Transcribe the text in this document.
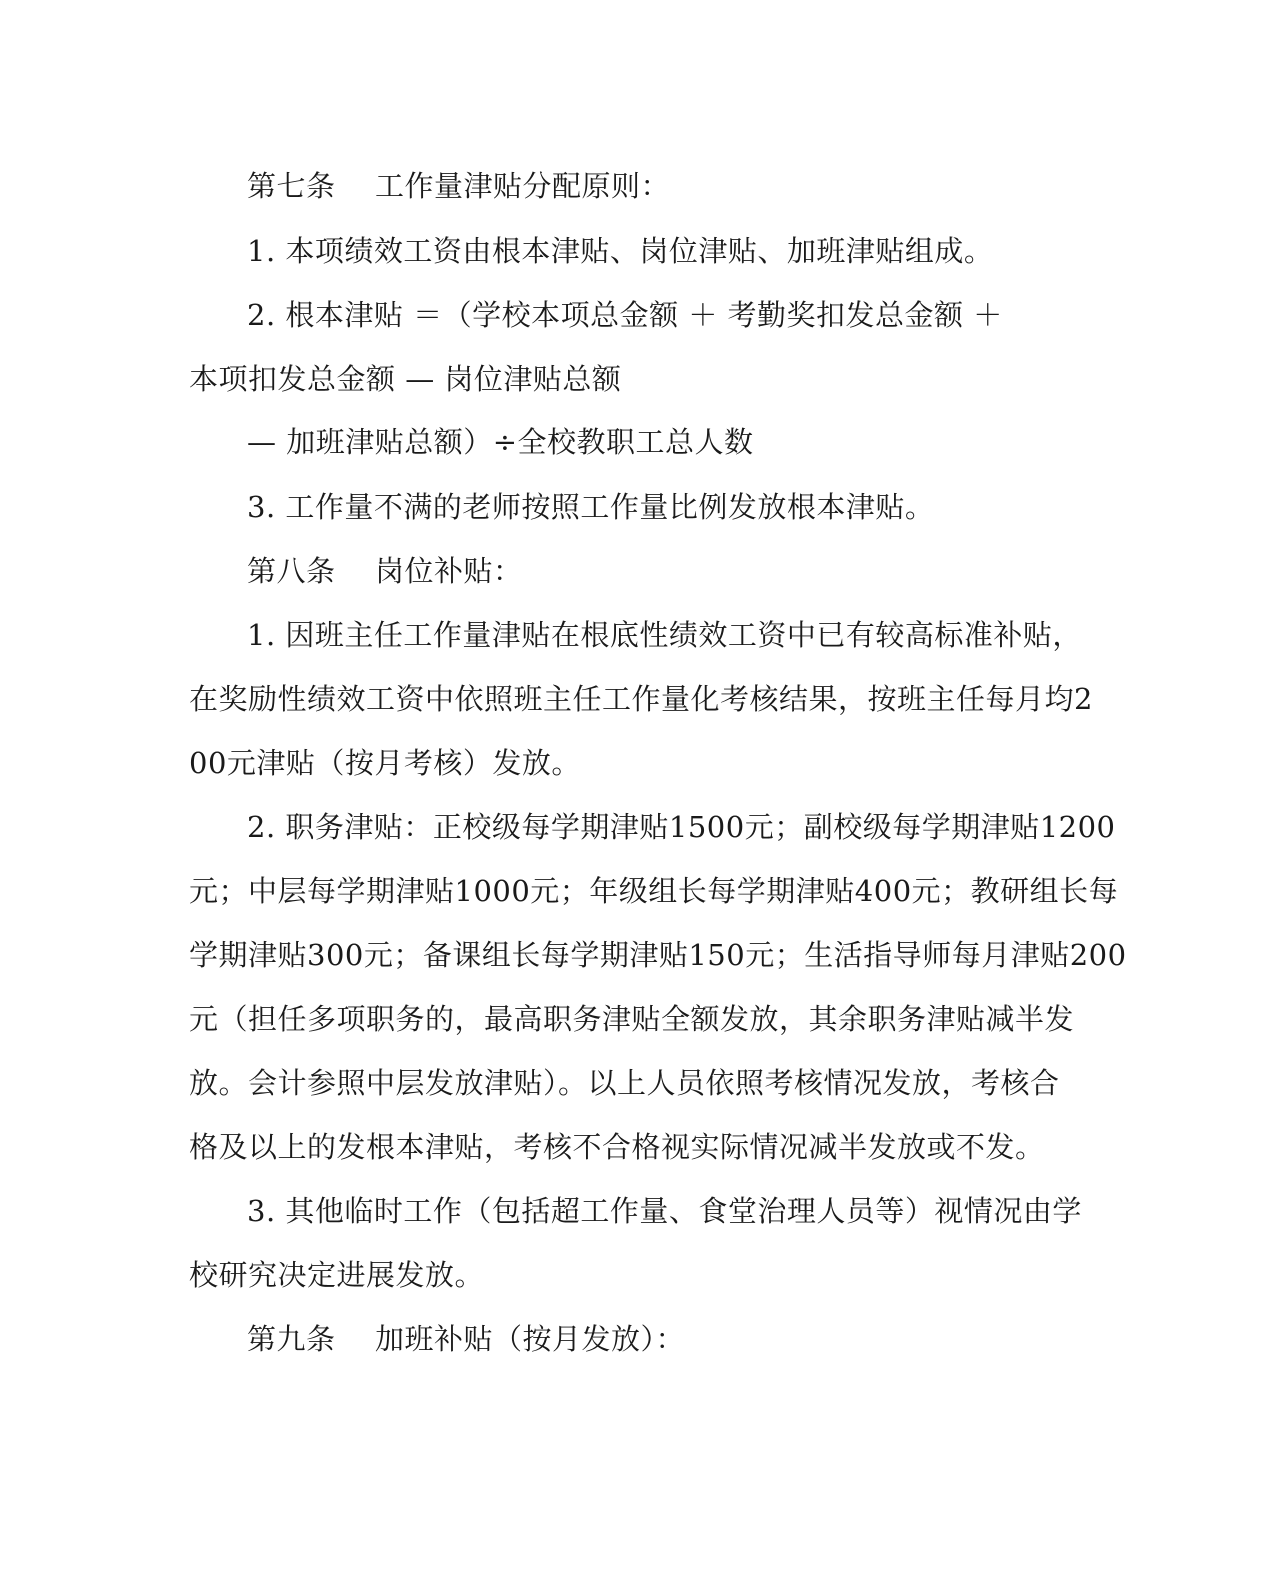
第七条 工作量津贴分配原则：
1. 本项绩效工资由根本津贴、岗位津贴、加班津贴组成。
2. 根本津贴 ＝（学校本项总金额 ＋ 考勤奖扣发总金额 ＋
本项扣发总金额 — 岗位津贴总额
— 加班津贴总额）÷全校教职工总人数
3. 工作量不满的老师按照工作量比例发放根本津贴。
第八条 岗位补贴：
1. 因班主任工作量津贴在根底性绩效工资中已有较高标准补贴，
在奖励性绩效工资中依照班主任工作量化考核结果，按班主任每月均2
00元津贴（按月考核）发放。
2. 职务津贴：正校级每学期津贴1500元；副校级每学期津贴1200
元；中层每学期津贴1000元；年级组长每学期津贴400元；教研组长每
学期津贴300元；备课组长每学期津贴150元；生活指导师每月津贴200
元（担任多项职务的，最高职务津贴全额发放，其余职务津贴减半发
放。会计参照中层发放津贴）。以上人员依照考核情况发放，考核合
格及以上的发根本津贴，考核不合格视实际情况减半发放或不发。
3. 其他临时工作（包括超工作量、食堂治理人员等）视情况由学
校研究决定进展发放。
第九条 加班补贴（按月发放）：
